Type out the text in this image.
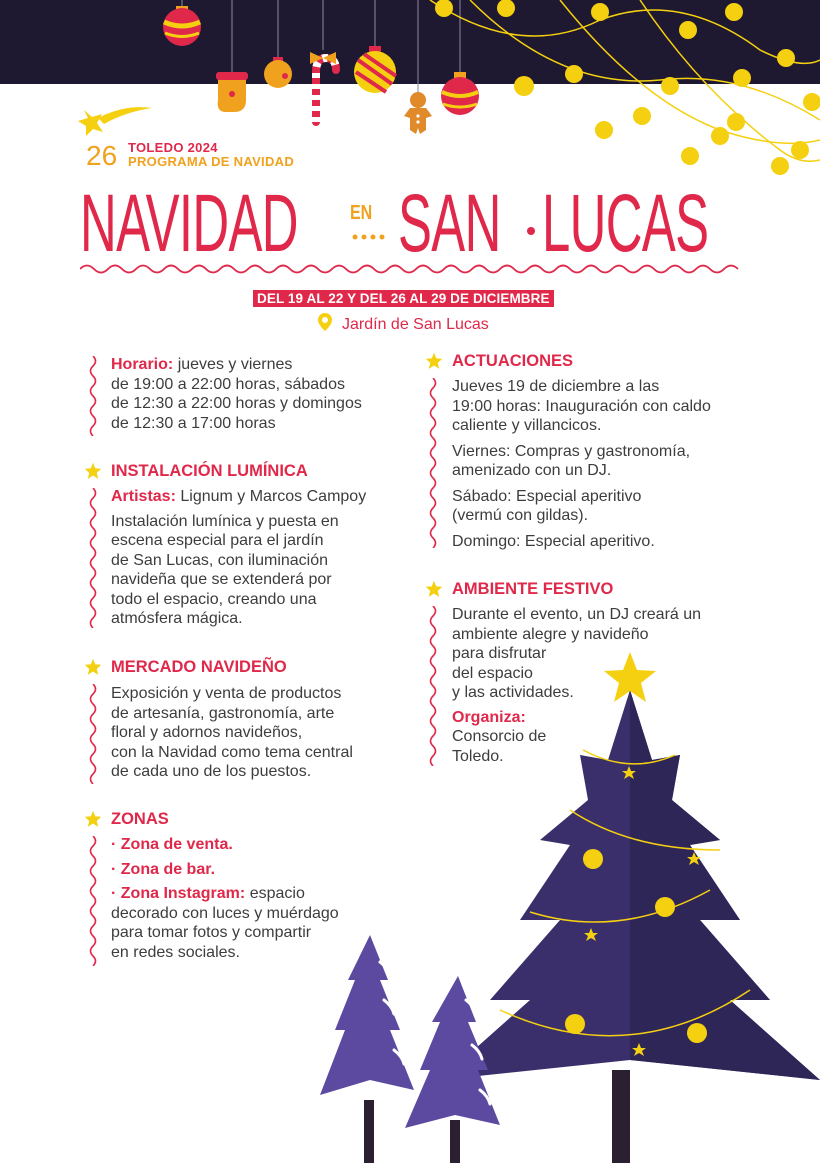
26 TOLEDO 2024
PROGRAMA DE NAVIDAD
NAVIDAD	EN SAN LUCAS
DEL 19 AL 22 Y DEL 26 AL 29 DE DICIEMBRE
Jardín de San Lucas

Horario: jueves y viernes

de 19:00 a 22:00 horas, sábados

de 12:30 a 22:00 horas y domingos

de 12:30 a 17:00 horas

INSTALACIÓN LUMÍNICA

Artistas: Lignum y Marcos Campoy

Instalación lumínica y puesta en

escena especial para el jardín

de San Lucas, con iluminación

navideña que se extenderá por

todo el espacio, creando una

atmósfera mágica.

MERCADO NAVIDEÑO

Exposición y venta de productos

de artesanía, gastronomía, arte

floral y adornos navideños,

con la Navidad como tema central

de cada uno de los puestos.

ZONAS

· Zona de venta.

· Zona de bar.

· Zona Instagram: espacio

decorado con luces y muérdago

para tomar fotos y compartir

en redes sociales.

ACTUACIONES

Jueves 19 de diciembre a las

19:00 horas: Inauguración con caldo

caliente y villancicos.

Viernes: Compras y gastronomía,

amenizado con un DJ.

Sábado: Especial aperitivo

(vermú con gildas).

Domingo: Especial aperitivo.

AMBIENTE FESTIVO

Durante el evento, un DJ creará un

ambiente alegre y navideño

para disfrutar

del espacio

y las actividades.

Organiza:

Consorcio de

Toledo.
